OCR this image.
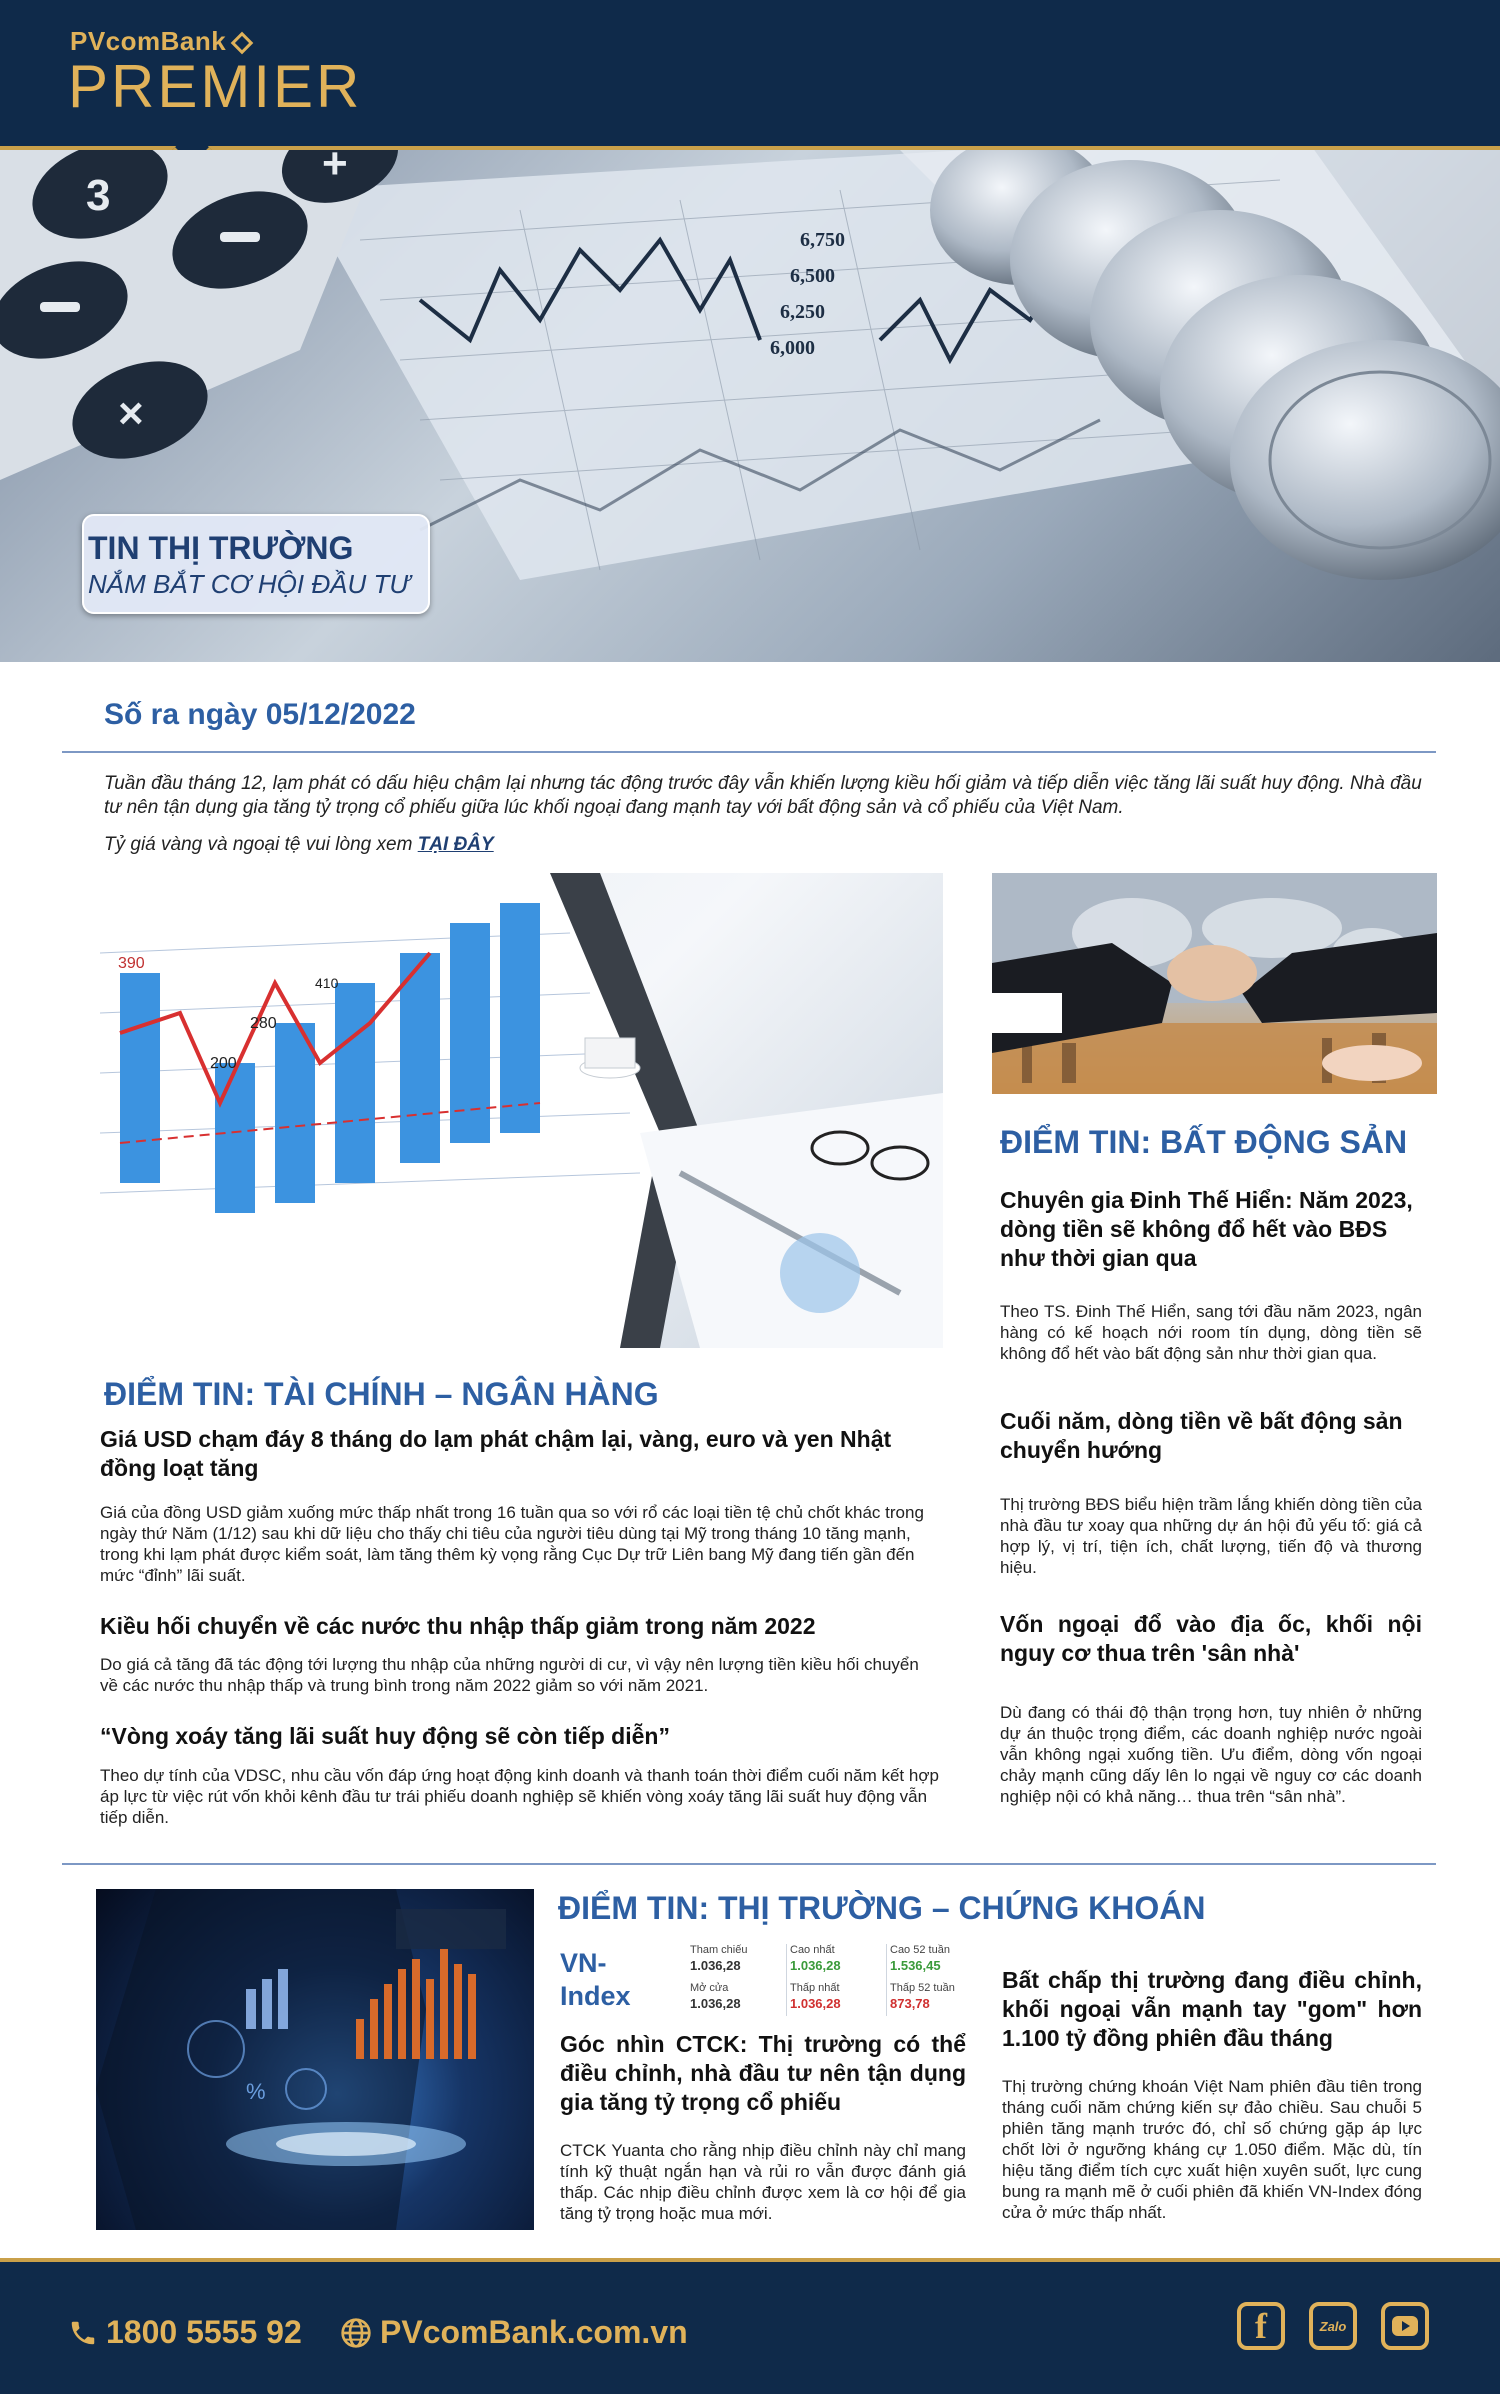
PVcomBank
PREMIER
6,750
6,500
6,250
6,000
×
3
+

TIN THỊ TRƯỜNG

NẮM BẮT CƠ HỘI ĐẦU TƯ

Số ra ngày 05/12/2022
Tuần đầu tháng 12, lạm phát có dấu hiệu chậm lại nhưng tác động trước đây vẫn khiến lượng kiều hối giảm và tiếp diễn việc tăng lãi suất huy động. Nhà đầu tư nên tận dụng gia tăng tỷ trọng cổ phiếu giữa lúc khối ngoại đang mạnh tay với bất động sản và cổ phiếu của Việt Nam.
Tỷ giá vàng và ngoại tệ vui lòng xem TẠI ĐÂY
390
280
200
410
ĐIỂM TIN: TÀI CHÍNH – NGÂN HÀNG
Giá USD chạm đáy 8 tháng do lạm phát chậm lại, vàng, euro và yen Nhật đồng loạt tăng
Giá của đồng USD giảm xuống mức thấp nhất trong 16 tuần qua so với rổ các loại tiền tệ chủ chốt khác trong ngày thứ Năm (1/12) sau khi dữ liệu cho thấy chi tiêu của người tiêu dùng tại Mỹ trong tháng 10 tăng mạnh, trong khi lạm phát được kiểm soát, làm tăng thêm kỳ vọng rằng Cục Dự trữ Liên bang Mỹ đang tiến gần đến mức “đỉnh” lãi suất.
Kiều hối chuyển về các nước thu nhập thấp giảm trong năm 2022
Do giá cả tăng đã tác động tới lượng thu nhập của những người di cư, vì vậy nên lượng tiền kiều hối chuyển về các nước thu nhập thấp và trung bình trong năm 2022 giảm so với năm 2021.
“Vòng xoáy tăng lãi suất huy động sẽ còn tiếp diễn”
Theo dự tính của VDSC, nhu cầu vốn đáp ứng hoạt động kinh doanh và thanh toán thời điểm cuối năm kết hợp áp lực từ việc rút vốn khỏi kênh đầu tư trái phiếu doanh nghiệp sẽ khiến vòng xoáy tăng lãi suất huy động vẫn tiếp diễn.
ĐIỂM TIN: BẤT ĐỘNG SẢN
Chuyên gia Đinh Thế Hiển: Năm 2023, dòng tiền sẽ không đổ hết vào BĐS như thời gian qua
Theo TS. Đinh Thế Hiển, sang tới đầu năm 2023, ngân hàng có kế hoạch nới room tín dụng, dòng tiền sẽ không đổ hết vào bất động sản như thời gian qua.
Cuối năm, dòng tiền về bất động sản chuyển hướng
Thị trường BĐS biểu hiện trầm lắng khiến dòng tiền của nhà đầu tư xoay qua những dự án hội đủ yếu tố: giá cả hợp lý, vị trí, tiện ích, chất lượng, tiến độ và thương hiệu.
Vốn ngoại đổ vào địa ốc, khối nội nguy cơ thua trên 'sân nhà'
Dù đang có thái độ thận trọng hơn, tuy nhiên ở những dự án thuộc trọng điểm, các doanh nghiệp nước ngoài vẫn không ngại xuống tiền. Ưu điểm, dòng vốn ngoại chảy mạnh cũng dấy lên lo ngại về nguy cơ các doanh nghiệp nội có khả năng… thua trên “sân nhà”.
%
ĐIỂM TIN: THỊ TRƯỜNG – CHỨNG KHOÁN
VN-
Index
Tham chiếu
1.036,28
Cao nhất
1.036,28
Cao 52 tuần
1.536,45
Mở cửa
1.036,28
Thấp nhất
1.036,28
Thấp 52 tuần
873,78
Góc nhìn CTCK: Thị trường có thể điều chỉnh, nhà đầu tư nên tận dụng gia tăng tỷ trọng cổ phiếu
CTCK Yuanta cho rằng nhịp điều chỉnh này chỉ mang tính kỹ thuật ngắn hạn và rủi ro vẫn được đánh giá thấp. Các nhịp điều chỉnh được xem là cơ hội để gia tăng tỷ trọng hoặc mua mới.
Bất chấp thị trường đang điều chỉnh, khối ngoại vẫn mạnh tay "gom" hơn 1.100 tỷ đồng phiên đầu tháng
Thị trường chứng khoán Việt Nam phiên đầu tiên trong tháng cuối năm chứng kiến sự đảo chiều. Sau chuỗi 5 phiên tăng mạnh trước đó, chỉ số chứng gặp áp lực chốt lời ở ngưỡng kháng cự 1.050 điểm. Mặc dù, tín hiệu tăng điểm tích cực xuất hiện xuyên suốt, lực cung bung ra mạnh mẽ ở cuối phiên đã khiến VN-Index đóng cửa ở mức thấp nhất.
1800 5555 92 PVcomBank.com.vn	f	Zalo
